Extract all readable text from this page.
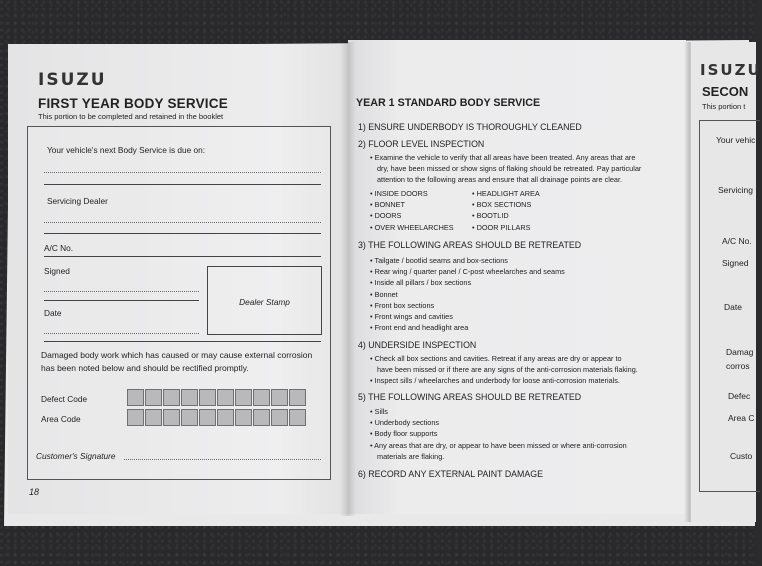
ISUZU
FIRST YEAR BODY SERVICE
This portion to be completed and retained in the booklet
Your vehicle's next Body Service is due on:
Servicing Dealer
A/C No.
Signed
Dealer Stamp
Date
Damaged body work which has caused or may cause external corrosion has been noted below and should be rectified promptly.
Defect Code
Area Code
Customer's Signature
18
YEAR 1 STANDARD BODY SERVICE
1) ENSURE UNDERBODY IS THOROUGHLY CLEANED
2) FLOOR LEVEL INSPECTION
• Examine the vehicle to verify that all areas have been treated. Any areas that are
dry, have been missed or show signs of flaking should be retreated. Pay particular
attention to the following areas and ensure that all drainage points are clear.
• INSIDE DOORS
• BONNET
• DOORS
• OVER WHEELARCHES
• HEADLIGHT AREA
• BOX SECTIONS
• BOOTLID
• DOOR PILLARS
3) THE FOLLOWING AREAS SHOULD BE RETREATED
• Tailgate / bootlid seams and box-sections
• Rear wing / quarter panel / C-post wheelarches and seams
• Inside all pillars / box sections
• Bonnet
• Front box sections
• Front wings and cavities
• Front end and headlight area
4) UNDERSIDE INSPECTION
• Check all box sections and cavities. Retreat if any areas are dry or appear to
have been missed or if there are any signs of the anti-corrosion materials flaking.
• Inspect sills / wheelarches and underbody for loose anti-corrosion materials.
5) THE FOLLOWING AREAS SHOULD BE RETREATED
• Sills
• Underbody sections
• Body floor supports
• Any areas that are dry, or appear to have been missed or where anti-corrosion
materials are flaking.
6) RECORD ANY EXTERNAL PAINT DAMAGE
ISUZU
SECON
This portion t
Your vehic
Servicing
A/C No.
Signed
Date
Damag
corros
Defec
Area C
Custo
